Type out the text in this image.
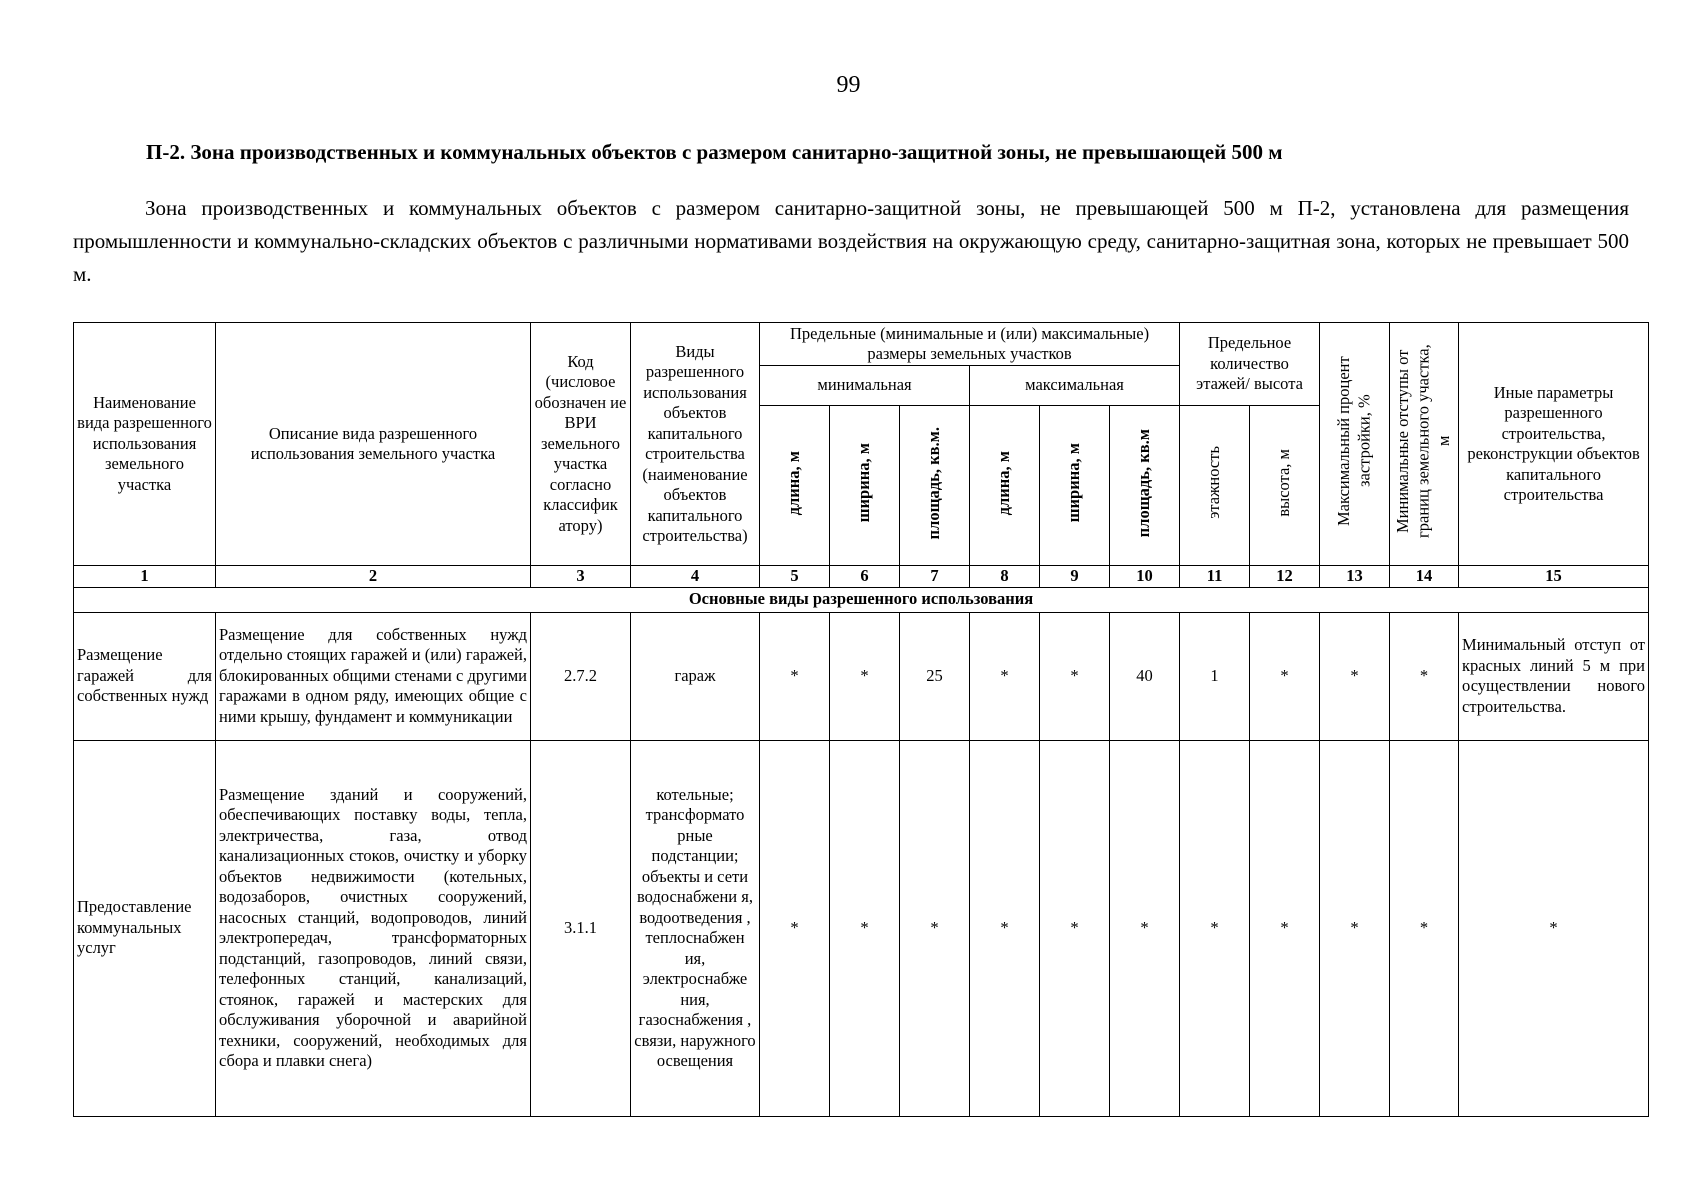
99
П-2. Зона производственных и коммунальных объектов с размером санитарно-защитной зоны, не превышающей 500 м
Зона производственных и коммунальных объектов с размером санитарно-защитной зоны, не превышающей 500 м П-2, установлена для размещения промышленности и коммунально-складских объектов с различными нормативами воздействия на окружающую среду, санитарно-защитная зона, которых не превышает 500 м.
Наименование вида разрешенного использования земельного участка	Описание вида разрешенного использования земельного участка	Код (числовое обозначен ие ВРИ земельного участка согласно классифик атору)	Виды разрешенного использования объектов капитального строительства (наименование объектов капитального строительства)	Предельные (минимальные и (или) максимальные) размеры земельных участков						Предельное количество этажей/ высота		Максимальный процент застройки, %	Минимальные отступы от границ земельного участка, м	Иные параметры разрешенного строительства, реконструкции объектов капитального строительства
				минимальная			максимальная							
				длина, м	ширина, м	площадь, кв.м.	длина, м	ширина, м	площадь, кв.м	этажность	высота, м			
1	2	3	4	5	6	7	8	9	10	11	12	13	14	15
Основные виды разрешенного использования														
Размещение гаражей для собственных нужд	Размещение для собственных нужд отдельно стоящих гаражей и (или) гаражей, блокированных общими стенами с другими гаражами в одном ряду, имеющих общие с ними крышу, фундамент и коммуникации	2.7.2	гараж	*	*	25	*	*	40	1	*	*	*	Минимальный отступ от красных линий 5 м при осуществлении нового строительства.
Предоставление коммунальных услуг	Размещение зданий и сооружений, обеспечивающих поставку воды, тепла, электричества, газа, отвод канализационных стоков, очистку и уборку объектов недвижимости (котельных, водозаборов, очистных сооружений, насосных станций, водопроводов, линий электропередач, трансформаторных подстанций, газопроводов, линий связи, телефонных станций, канализаций, стоянок, гаражей и мастерских для обслуживания уборочной и аварийной техники, сооружений, необходимых для сбора и плавки снега)	3.1.1	котельные; трансформато рные подстанции; объекты и сети водоснабжени я, водоотведения , теплоснабжен ия, электроснабже ния, газоснабжения , связи, наружного освещения	*	*	*	*	*	*	*	*	*	*	*
